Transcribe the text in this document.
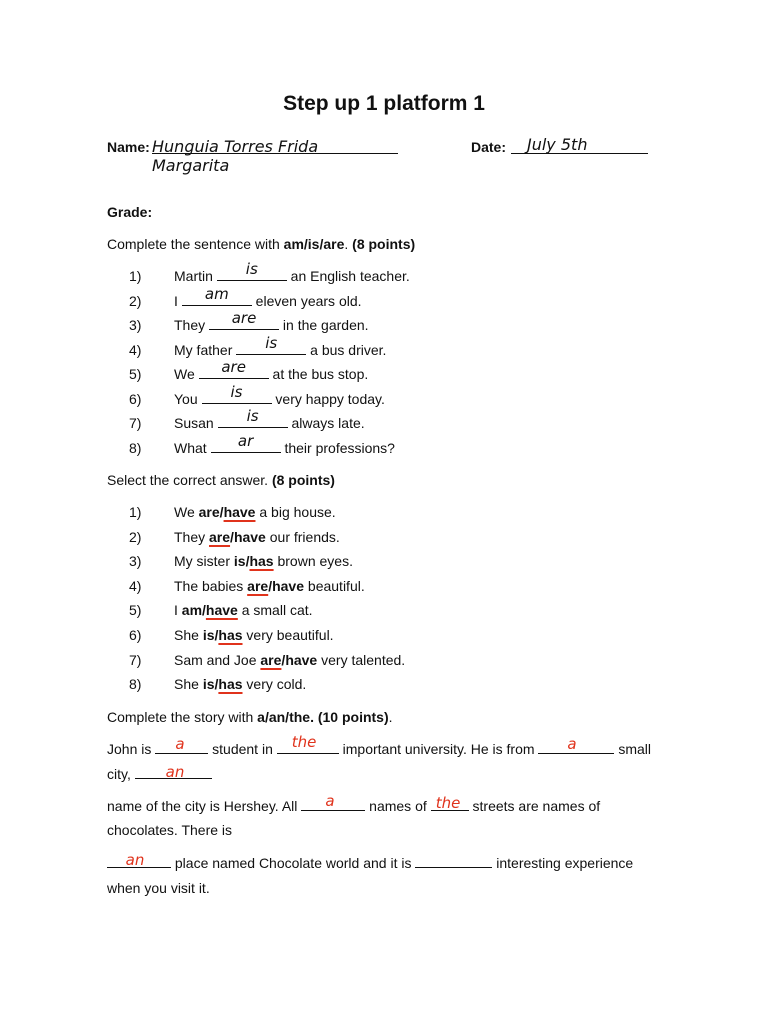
Step up 1 platform 1
Name: Hunguia Torres Frida Margarita
Date: July 5th
Grade:
Complete the sentence with am/is/are. (8 points)
1) Martin	is	an English teacher.
2) I	am	eleven years old.
3) They	are	in the garden.
4) My father	is	a bus driver.
5) We	are	at the bus stop.
6) You	is	very happy today.
7) Susan	is	always late.
8) What	ar	their professions?
Select the correct answer. (8 points)
1) We are/have a big house.
2) They are/have our friends.
3) My sister is/has brown eyes.
4) The babies are/have beautiful.
5) I am/have a small cat.
6) She is/has very beautiful.
7) Sam and Joe are/have very talented.
8) She is/has very cold.
Complete the story with a/an/the. (10 points).
John is	student in	important university. He is from	small
city,
name of the city is Hershey. All	names of	streets are names of
chocolates. There is
place named Chocolate world and it is	interesting experience
when you visit it.
a	the	a
an
a	the
an
